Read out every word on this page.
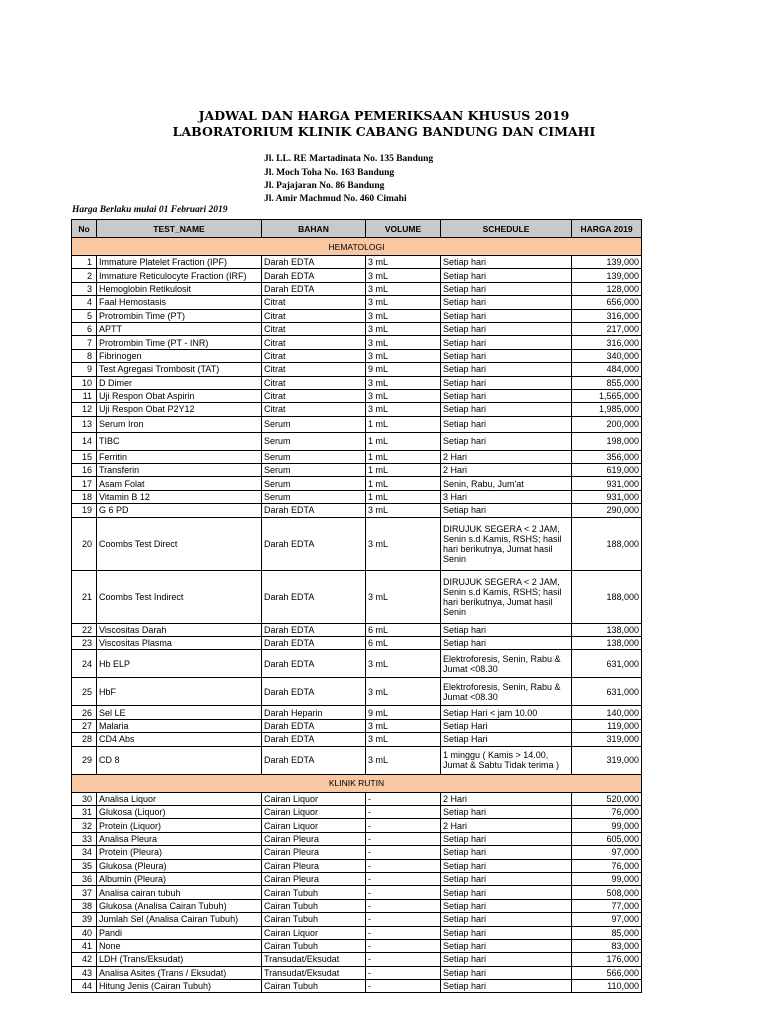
JADWAL DAN HARGA PEMERIKSAAN KHUSUS 2019
LABORATORIUM KLINIK CABANG BANDUNG DAN CIMAHI
Jl. LL. RE Martadinata No. 135 Bandung
Jl. Moch Toha No. 163 Bandung
Jl. Pajajaran No. 86 Bandung
Jl. Amir Machmud No. 460 Cimahi
Harga Berlaku mulai 01 Februari 2019
No	TEST_NAME	BAHAN	VOLUME	SCHEDULE	HARGA 2019
HEMATOLOGI					
1	Immature Platelet Fraction (IPF)	Darah EDTA	3 mL	Setiap hari	139,000
2	Immature Reticulocyte Fraction (IRF)	Darah EDTA	3 mL	Setiap hari	139,000
3	Hemoglobin Retikulosit	Darah EDTA	3 mL	Setiap hari	128,000
4	Faal Hemostasis	Citrat	3 mL	Setiap hari	656,000
5	Protrombin Time (PT)	Citrat	3 mL	Setiap hari	316,000
6	APTT	Citrat	3 mL	Setiap hari	217,000
7	Protrombin Time (PT - INR)	Citrat	3 mL	Setiap hari	316,000
8	Fibrinogen	Citrat	3 mL	Setiap hari	340,000
9	Test Agregasi Trombosit (TAT)	Citrat	9 mL	Setiap hari	484,000
10	D Dimer	Citrat	3 mL	Setiap hari	855,000
11	Uji Respon Obat Aspirin	Citrat	3 mL	Setiap hari	1,565,000
12	Uji Respon Obat P2Y12	Citrat	3 mL	Setiap hari	1,985,000
13	Serum Iron	Serum	1 mL	Setiap hari	200,000
14	TIBC	Serum	1 mL	Setiap hari	198,000
15	Ferritin	Serum	1 mL	2 Hari	356,000
16	Transferin	Serum	1 mL	2 Hari	619,000
17	Asam Folat	Serum	1 mL	Senin, Rabu, Jum'at	931,000
18	Vitamin B 12	Serum	1 mL	3 Hari	931,000
19	G 6 PD	Darah EDTA	3 mL	Setiap hari	290,000
20	Coombs Test Direct	Darah EDTA	3 mL	DIRUJUK SEGERA < 2 JAM, Senin s.d Kamis, RSHS; hasil hari berikutnya, Jumat hasil Senin	188,000
21	Coombs Test Indirect	Darah EDTA	3 mL	DIRUJUK SEGERA < 2 JAM, Senin s.d Kamis, RSHS; hasil hari berikutnya, Jumat hasil Senin	188,000
22	Viscositas Darah	Darah EDTA	6 mL	Setiap hari	138,000
23	Viscositas Plasma	Darah EDTA	6 mL	Setiap hari	138,000
24	Hb ELP	Darah EDTA	3 mL	Elektroforesis, Senin, Rabu & Jumat <08.30	631,000
25	HbF	Darah EDTA	3 mL	Elektroforesis, Senin, Rabu & Jumat <08.30	631,000
26	Sel LE	Darah Heparin	9 mL	Setiap Hari < jam 10.00	140,000
27	Malaria	Darah EDTA	3 mL	Setiap Hari	119,000
28	CD4 Abs	Darah EDTA	3 mL	Setiap Hari	319,000
29	CD 8	Darah EDTA	3 mL	1 minggu ( Kamis > 14.00, Jumat & Sabtu Tidak terima )	319,000
KLINIK RUTIN					
30	Analisa Liquor	Cairan Liquor	-	2 Hari	520,000
31	Glukosa (Liquor)	Cairan Liquor	-	Setiap hari	76,000
32	Protein (Liquor)	Cairan Liquor	-	2 Hari	99,000
33	Analisa Pleura	Cairan Pleura	-	Setiap hari	605,000
34	Protein (Pleura)	Cairan Pleura	-	Setiap hari	97,000
35	Glukosa (Pleura)	Cairan Pleura	-	Setiap hari	76,000
36	Albumin (Pleura)	Cairan Pleura	-	Setiap hari	99,000
37	Analisa cairan tubuh	Cairan Tubuh	-	Setiap hari	508,000
38	Glukosa (Analisa Cairan Tubuh)	Cairan Tubuh	-	Setiap hari	77,000
39	Jumlah Sel (Analisa Cairan Tubuh)	Cairan Tubuh	-	Setiap hari	97,000
40	Pandi	Cairan Liquor	-	Setiap hari	85,000
41	None	Cairan Tubuh	-	Setiap hari	83,000
42	LDH (Trans/Eksudat)	Transudat/Eksudat	-	Setiap hari	176,000
43	Analisa Asites (Trans / Eksudat)	Transudat/Eksudat	-	Setiap hari	566,000
44	Hitung Jenis (Cairan Tubuh)	Cairan Tubuh	-	Setiap hari	110,000
